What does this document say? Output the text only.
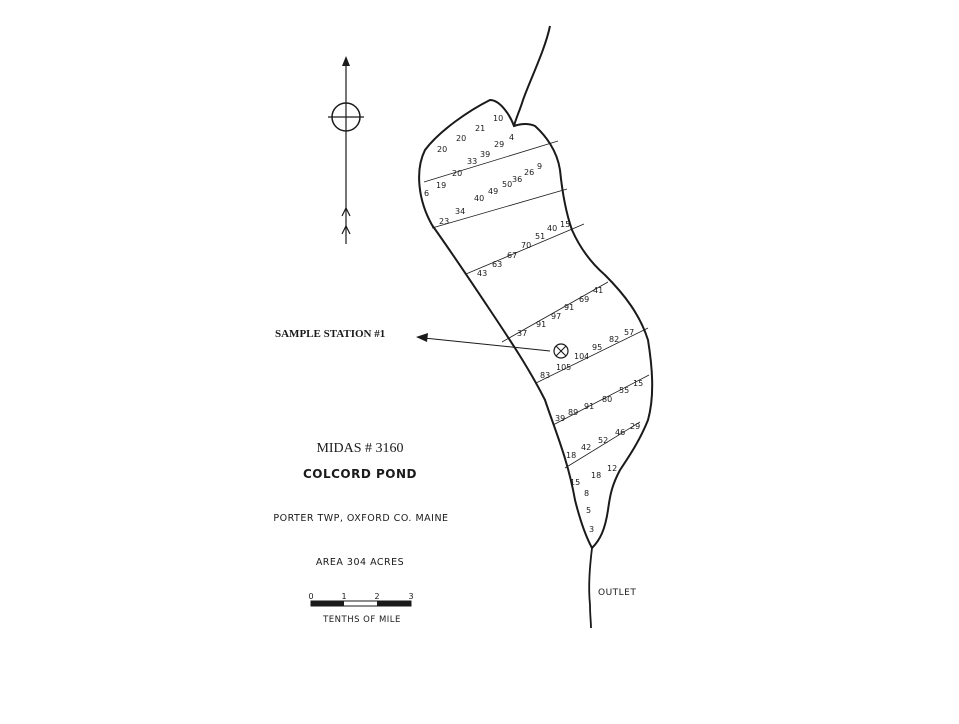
SAMPLE STATION #1
104
10
21
20
20
4
29
39
33
9
26
36
50
20
19
49
40
6
34
23	15
40
51
70
67
63
43
41
69
91
97
91
37	57
82
95
105
83
15
55
80
91
89
39
29
46
52
42
18
12
18
15
8
5
3
OUTLET
MIDAS # 3160
COLCORD POND
PORTER TWP, OXFORD CO. MAINE
AREA 304 ACRES
0	1	2	3
TENTHS OF MILE
